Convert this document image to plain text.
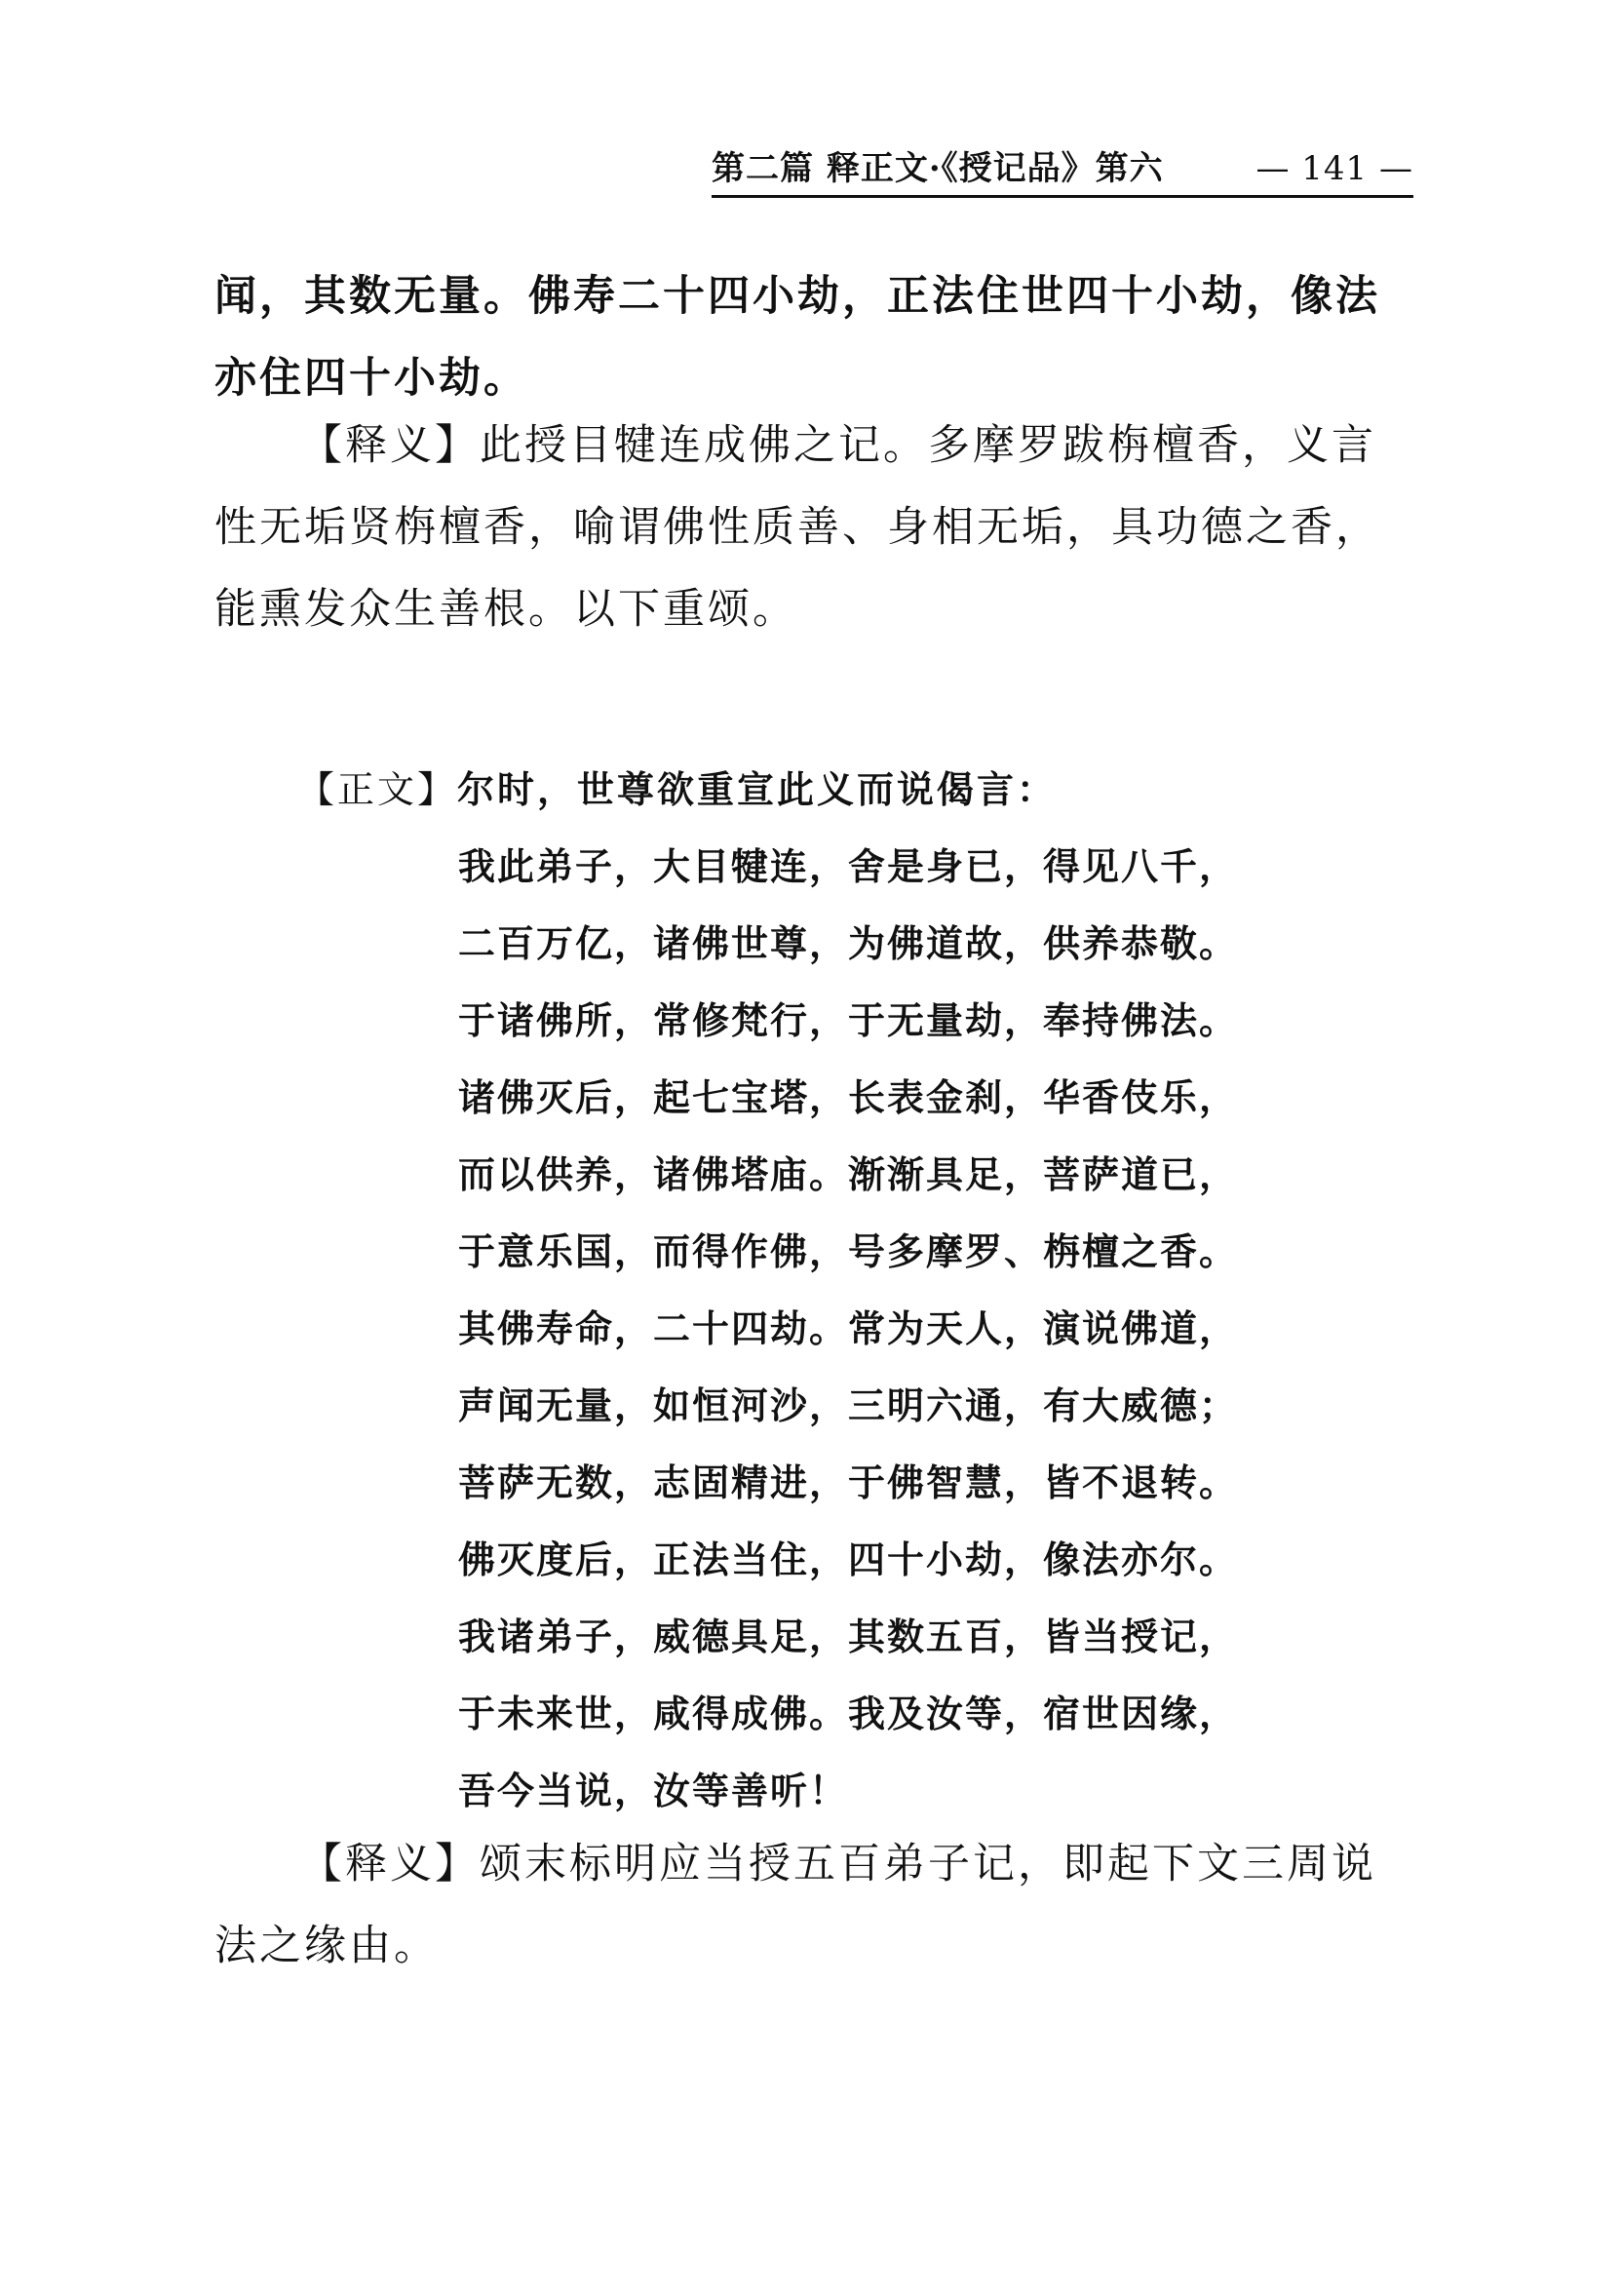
第二篇 释正文·《授记品》第六	— 141 —

闻，其数无量。佛寿二十四小劫，正法住世四十小劫，像法亦住四十小劫。

【释义】此授目犍连成佛之记。多摩罗跋栴檀香，义言性无垢贤栴檀香，喻谓佛性质善、身相无垢，具功德之香，能熏发众生善根。以下重颂。

【正文】尔时，世尊欲重宣此义而说偈言：

我此弟子，大目犍连，舍是身已，得见八千，
二百万亿，诸佛世尊，为佛道故，供养恭敬。
于诸佛所，常修梵行，于无量劫，奉持佛法。
诸佛灭后，起七宝塔，长表金刹，华香伎乐，
而以供养，诸佛塔庙。渐渐具足，菩萨道已，
于意乐国，而得作佛，号多摩罗、栴檀之香。
其佛寿命，二十四劫。常为天人，演说佛道，
声闻无量，如恒河沙，三明六通，有大威德；
菩萨无数，志固精进，于佛智慧，皆不退转。
佛灭度后，正法当住，四十小劫，像法亦尔。
我诸弟子，威德具足，其数五百，皆当授记，
于未来世，咸得成佛。我及汝等，宿世因缘，
吾今当说，汝等善听！

【释义】颂末标明应当授五百弟子记，即起下文三周说法之缘由。
